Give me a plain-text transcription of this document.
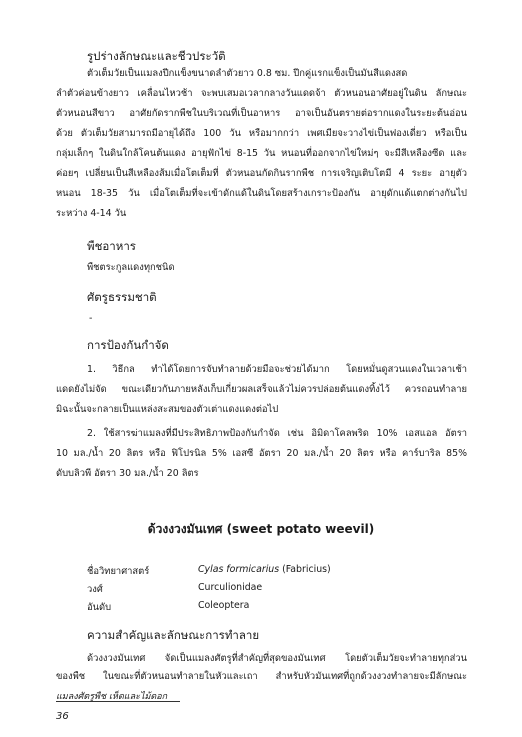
รูปร่างลักษณะและชีวประวัติ
ตัวเต็มวัยเป็นแมลงปีกแข็งขนาดลำตัวยาว 0.8 ซม. ปีกคู่แรกแข็งเป็นมันสีแดงสด
ลำตัวค่อนข้างยาว เคลื่อนไหวช้า จะพบเสมอเวลากลางวันแดดจ้า ตัวหนอนอาศัยอยู่ในดิน ลักษณะ
ตัวหนอนสีขาว อาศัยกัดรากพืชในบริเวณที่เป็นอาหาร อาจเป็นอันตรายต่อรากแดงในระยะต้นอ่อน
ด้วย ตัวเต็มวัยสามารถมีอายุได้ถึง 100 วัน หรือมากกว่า เพศเมียจะวางไข่เป็นฟองเดี่ยว หรือเป็น
กลุ่มเล็กๆ ในดินใกล้โคนต้นแดง อายุฟักไข่ 8-15 วัน หนอนที่ออกจากไข่ใหม่ๆ จะมีสีเหลืองซีด และ
ค่อยๆ เปลี่ยนเป็นสีเหลืองส้มเมื่อโตเต็มที่ ตัวหนอนกัดกินรากพืช การเจริญเติบโตมี 4 ระยะ อายุตัว
หนอน 18-35 วัน เมื่อโตเต็มที่จะเข้าดักแด้ในดินโดยสร้างเกราะป้องกัน อายุดักแด้แตกต่างกันไป
ระหว่าง 4-14 วัน
พืชอาหาร
พืชตระกูลแดงทุกชนิด
ศัตรูธรรมชาติ
-
การป้องกันกำจัด
1. วิธีกล ทำได้โดยการจับทำลายด้วยมือจะช่วยได้มาก โดยหมั่นดูสวนแดงในเวลาเช้า
แดดยังไม่จัด ขณะเดียวกันภายหลังเก็บเกี่ยวผลเสร็จแล้วไม่ควรปล่อยต้นแดงทิ้งไว้ ควรถอนทำลาย
มิฉะนั้นจะกลายเป็นแหล่งสะสมของตัวเต่าแดงแดงต่อไป
2. ใช้สารฆ่าแมลงที่มีประสิทธิภาพป้องกันกำจัด เช่น อิมิดาโคลพริด 10% เอสแอล อัตรา
10 มล./น้ำ 20 ลิตร หรือ ฟิโปรนิล 5% เอสซี อัตรา 20 มล./น้ำ 20 ลิตร หรือ คาร์บาริล 85%
ดับบลิวพี อัตรา 30 มล./น้ำ 20 ลิตร
ด้วงงวงมันเทศ (sweet potato weevil)
ชื่อวิทยาศาสตร์	Cylas formicarius (Fabricius)
วงศ์	Curculionidae
อันดับ	Coleoptera
ความสำคัญและลักษณะการทำลาย
ด้วงงวงมันเทศ จัดเป็นแมลงศัตรูที่สำคัญที่สุดของมันเทศ โดยตัวเต็มวัยจะทำลายทุกส่วน
ของพืช ในขณะที่ตัวหนอนทำลายในหัวและเถา สำหรับหัวมันเทศที่ถูกด้วงงวงทำลายจะมีลักษณะ
แมลงศัตรูพืช เห็ดและไม้ดอก
36
